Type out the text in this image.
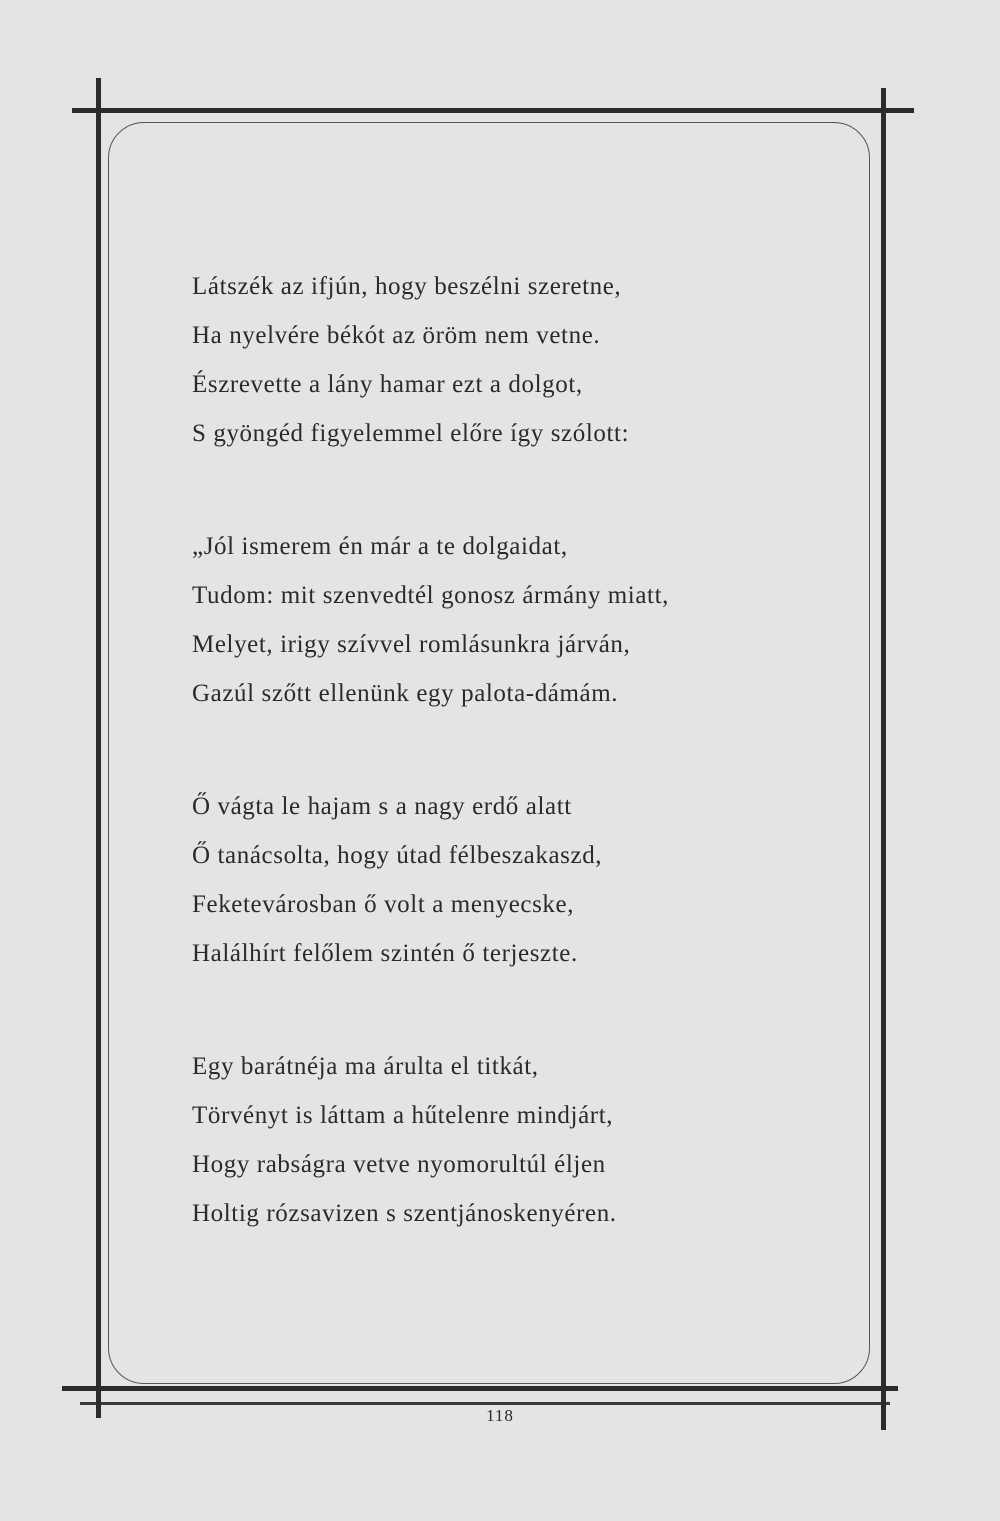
Látszék az ifjún, hogy beszélni szeretne,
Ha nyelvére békót az öröm nem vetne.
Észrevette a lány hamar ezt a dolgot,
S gyöngéd figyelemmel előre így szólott:
„Jól ismerem én már a te dolgaidat,
Tudom: mit szenvedtél gonosz ármány miatt,
Melyet, irigy szívvel romlásunkra járván,
Gazúl szőtt ellenünk egy palota-dámám.
Ő vágta le hajam s a nagy erdő alatt
Ő tanácsolta, hogy útad félbeszakaszd,
Feketevárosban ő volt a menyecske,
Halálhírt felőlem szintén ő terjeszte.
Egy barátnéja ma árulta el titkát,
Törvényt is láttam a hűtelenre mindjárt,
Hogy rabságra vetve nyomorultúl éljen
Holtig rózsavizen s szentjánoskenyéren.
118
